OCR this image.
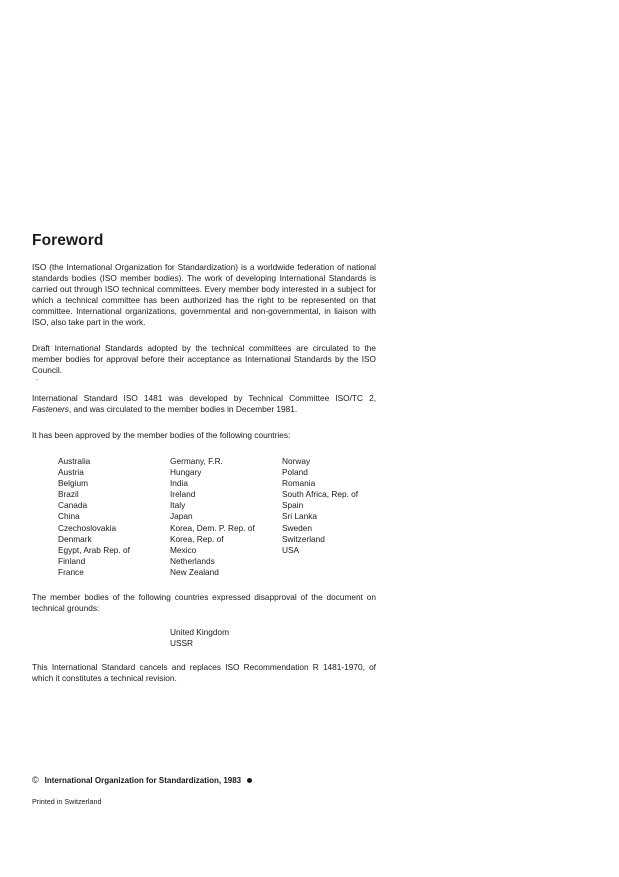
Foreword

ISO (the International Organization for Standardization) is a worldwide federation of national standards bodies (ISO member bodies). The work of developing International Standards is carried out through ISO technical committees. Every member body interested in a subject for which a technical committee has been authorized has the right to be represented on that committee. International organizations, governmental and non-governmental, in liaison with ISO, also take part in the work.

Draft International Standards adopted by the technical committees are circulated to the member bodies for approval before their acceptance as International Standards by the ISO Council.

-

International Standard ISO 1481 was developed by Technical Committee ISO/TC 2, Fasteners, and was circulated to the member bodies in December 1981.

It has been approved by the member bodies of the following countries:

Australia
Austria
Belgium
Brazil
Canada
China
Czechoslovakia
Denmark
Egypt, Arab Rep. of
Finland
France
Germany, F.R.
Hungary
India
Ireland
Italy
Japan
Korea, Dem. P. Rep. of
Korea, Rep. of
Mexico
Netherlands
New Zealand
Norway
Poland
Romania
South Africa, Rep. of
Spain
Sri Lanka
Sweden
Switzerland
USA

The member bodies of the following countries expressed disapproval of the document on technical grounds:

United Kingdom
USSR

This International Standard cancels and replaces ISO Recommendation R 1481-1970, of which it constitutes a technical revision.

© International Organization for Standardization, 1983
Printed in Switzerland
